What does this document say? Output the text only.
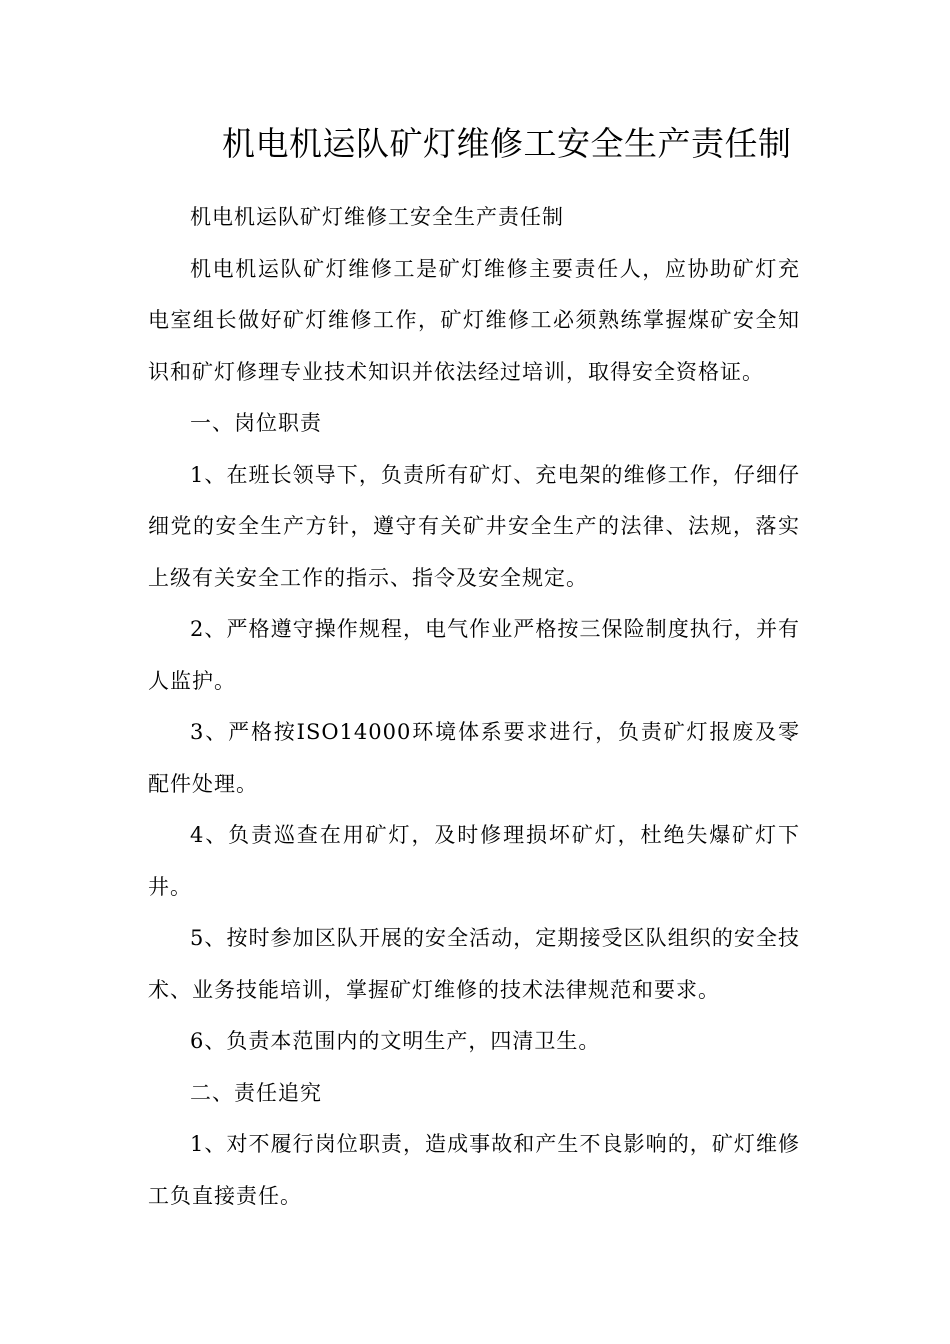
机电机运队矿灯维修工安全生产责任制

机电机运队矿灯维修工安全生产责任制

机电机运队矿灯维修工是矿灯维修主要责任人，应协助矿灯充电室组长做好矿灯维修工作，矿灯维修工必须熟练掌握煤矿安全知识和矿灯修理专业技术知识并依法经过培训，取得安全资格证。

一、岗位职责

1、在班长领导下，负责所有矿灯、充电架的维修工作，仔细仔细党的安全生产方针，遵守有关矿井安全生产的法律、法规，落实上级有关安全工作的指示、指令及安全规定。

2、严格遵守操作规程，电气作业严格按三保险制度执行，并有人监护。

3、严格按ISO14000环境体系要求进行，负责矿灯报废及零配件处理。

4、负责巡查在用矿灯，及时修理损坏矿灯，杜绝失爆矿灯下井。

5、按时参加区队开展的安全活动，定期接受区队组织的安全技术、业务技能培训，掌握矿灯维修的技术法律规范和要求。

6、负责本范围内的文明生产，四清卫生。

二、责任追究

1、对不履行岗位职责，造成事故和产生不良影响的，矿灯维修工负直接责任。
